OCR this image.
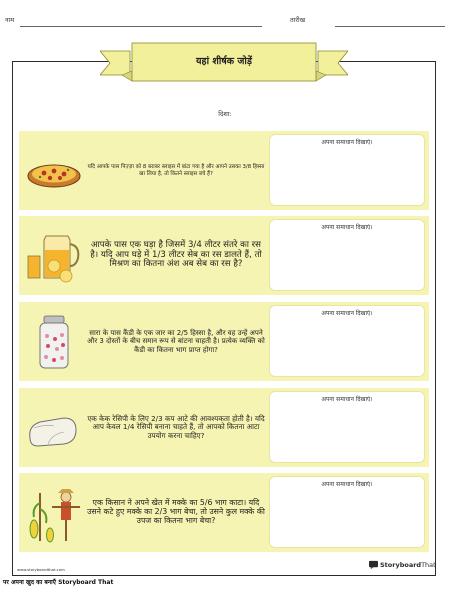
नाम	तारीख
यहां शीर्षक जोड़ें
दिशा:
यदि आपके पास पिज़्ज़ा को 8 बराबर स्लाइस में बांटा गया है और आपने उसका 3/8 हिस्सा खा लिया है, तो कितने स्लाइस बचे हैं?
अपना समाधान दिखाएं।
आपके पास एक घड़ा है जिसमें 3/4 लीटर संतरे का रस है। यदि आप घड़े में 1/3 लीटर सेब का रस डालते हैं, तो मिश्रण का कितना अंश अब सेब का रस है?
अपना समाधान दिखाएं।
सारा के पास कैंडी के एक जार का 2/5 हिस्सा है, और वह उन्हें अपने और 3 दोस्तों के बीच समान रूप से बांटना चाहती है। प्रत्येक व्यक्ति को कैंडी का कितना भाग प्राप्त होगा?
अपना समाधान दिखाएं।
एक केक रेसिपी के लिए 2/3 कप आटे की आवश्यकता होती है। यदि आप केवल 1/4 रेसिपी बनाना चाहते हैं, तो आपको कितना आटा उपयोग करना चाहिए?
अपना समाधान दिखाएं।
एक किसान ने अपने खेत में मक्के का 5/6 भाग काटा। यदि उसने कटे हुए मक्के का 2/3 भाग बेचा, तो उसने कुल मक्के की उपज का कितना भाग बेचा?
अपना समाधान दिखाएं।
www.storyboardthat.com
StoryboardThat
पर अपना खुद का बनाएँ Storyboard That
